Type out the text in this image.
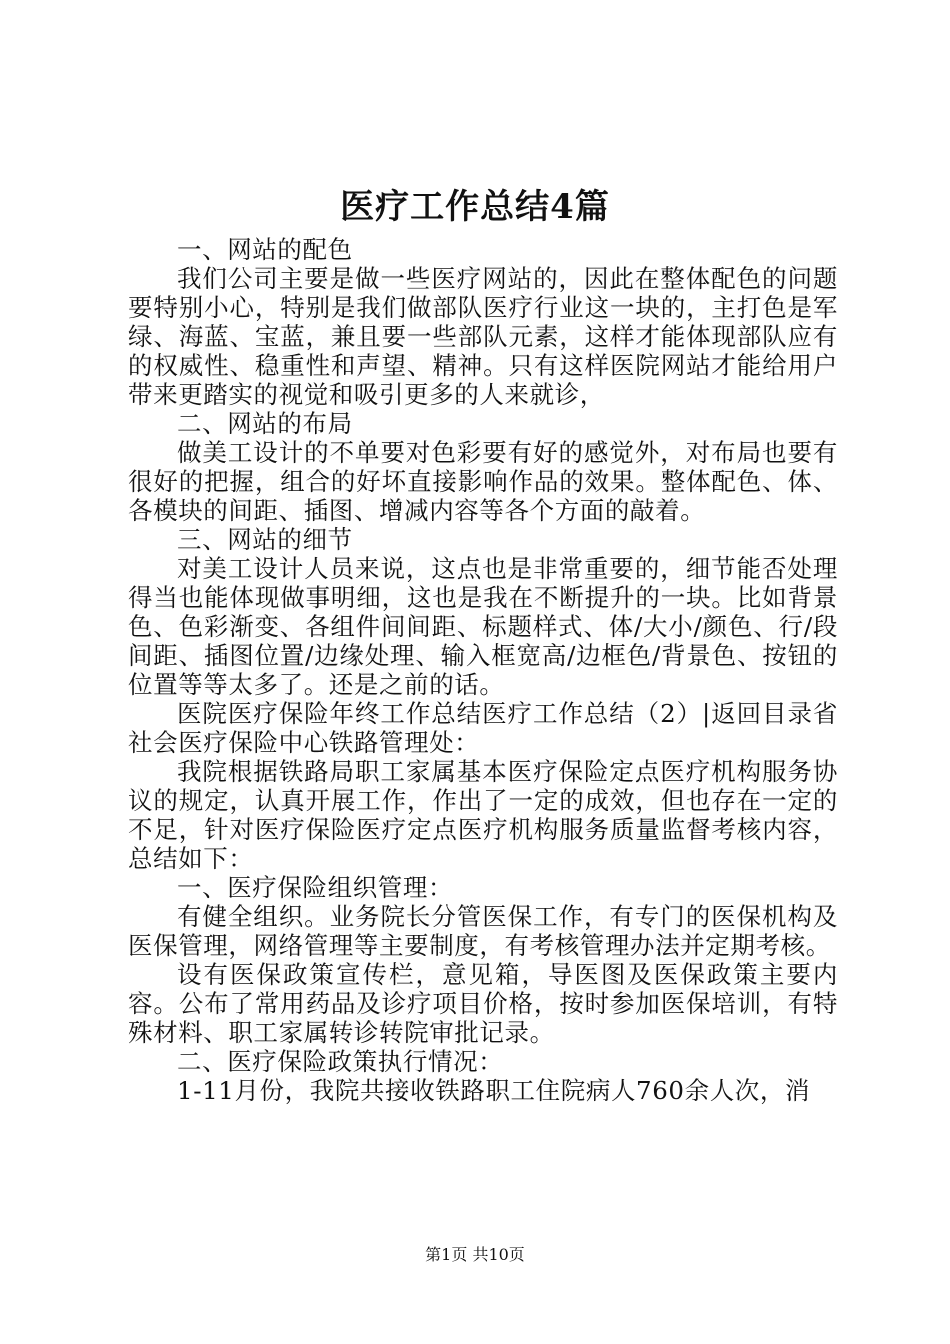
医疗工作总结4篇

一、网站的配色

我们公司主要是做一些医疗网站的，因此在整体配色的问题要特别小心，特别是我们做部队医疗行业这一块的，主打色是军绿、海蓝、宝蓝，兼且要一些部队元素，这样才能体现部队应有的权威性、稳重性和声望、精神。只有这样医院网站才能给用户带来更踏实的视觉和吸引更多的人来就诊，

二、网站的布局

做美工设计的不单要对色彩要有好的感觉外，对布局也要有很好的把握，组合的好坏直接影响作品的效果。整体配色、体、各模块的间距、插图、增减内容等各个方面的敲着。

三、网站的细节

对美工设计人员来说，这点也是非常重要的，细节能否处理得当也能体现做事明细，这也是我在不断提升的一块。比如背景色、色彩渐变、各组件间间距、标题样式、体/大小/颜色、行/段间距、插图位置/边缘处理、输入框宽高/边框色/背景色、按钮的位置等等太多了。还是之前的话。

医院医疗保险年终工作总结医疗工作总结（2）|返回目录省社会医疗保险中心铁路管理处：

我院根据铁路局职工家属基本医疗保险定点医疗机构服务协议的规定，认真开展工作，作出了一定的成效，但也存在一定的不足，针对医疗保险医疗定点医疗机构服务质量监督考核内容，总结如下：

一、医疗保险组织管理：

有健全组织。业务院长分管医保工作，有专门的医保机构及医保管理，网络管理等主要制度，有考核管理办法并定期考核。

设有医保政策宣传栏，意见箱，导医图及医保政策主要内容。公布了常用药品及诊疗项目价格，按时参加医保培训，有特殊材料、职工家属转诊转院审批记录。

二、医疗保险政策执行情况：

1-11月份，我院共接收铁路职工住院病人760余人次，消

第1页 共10页
